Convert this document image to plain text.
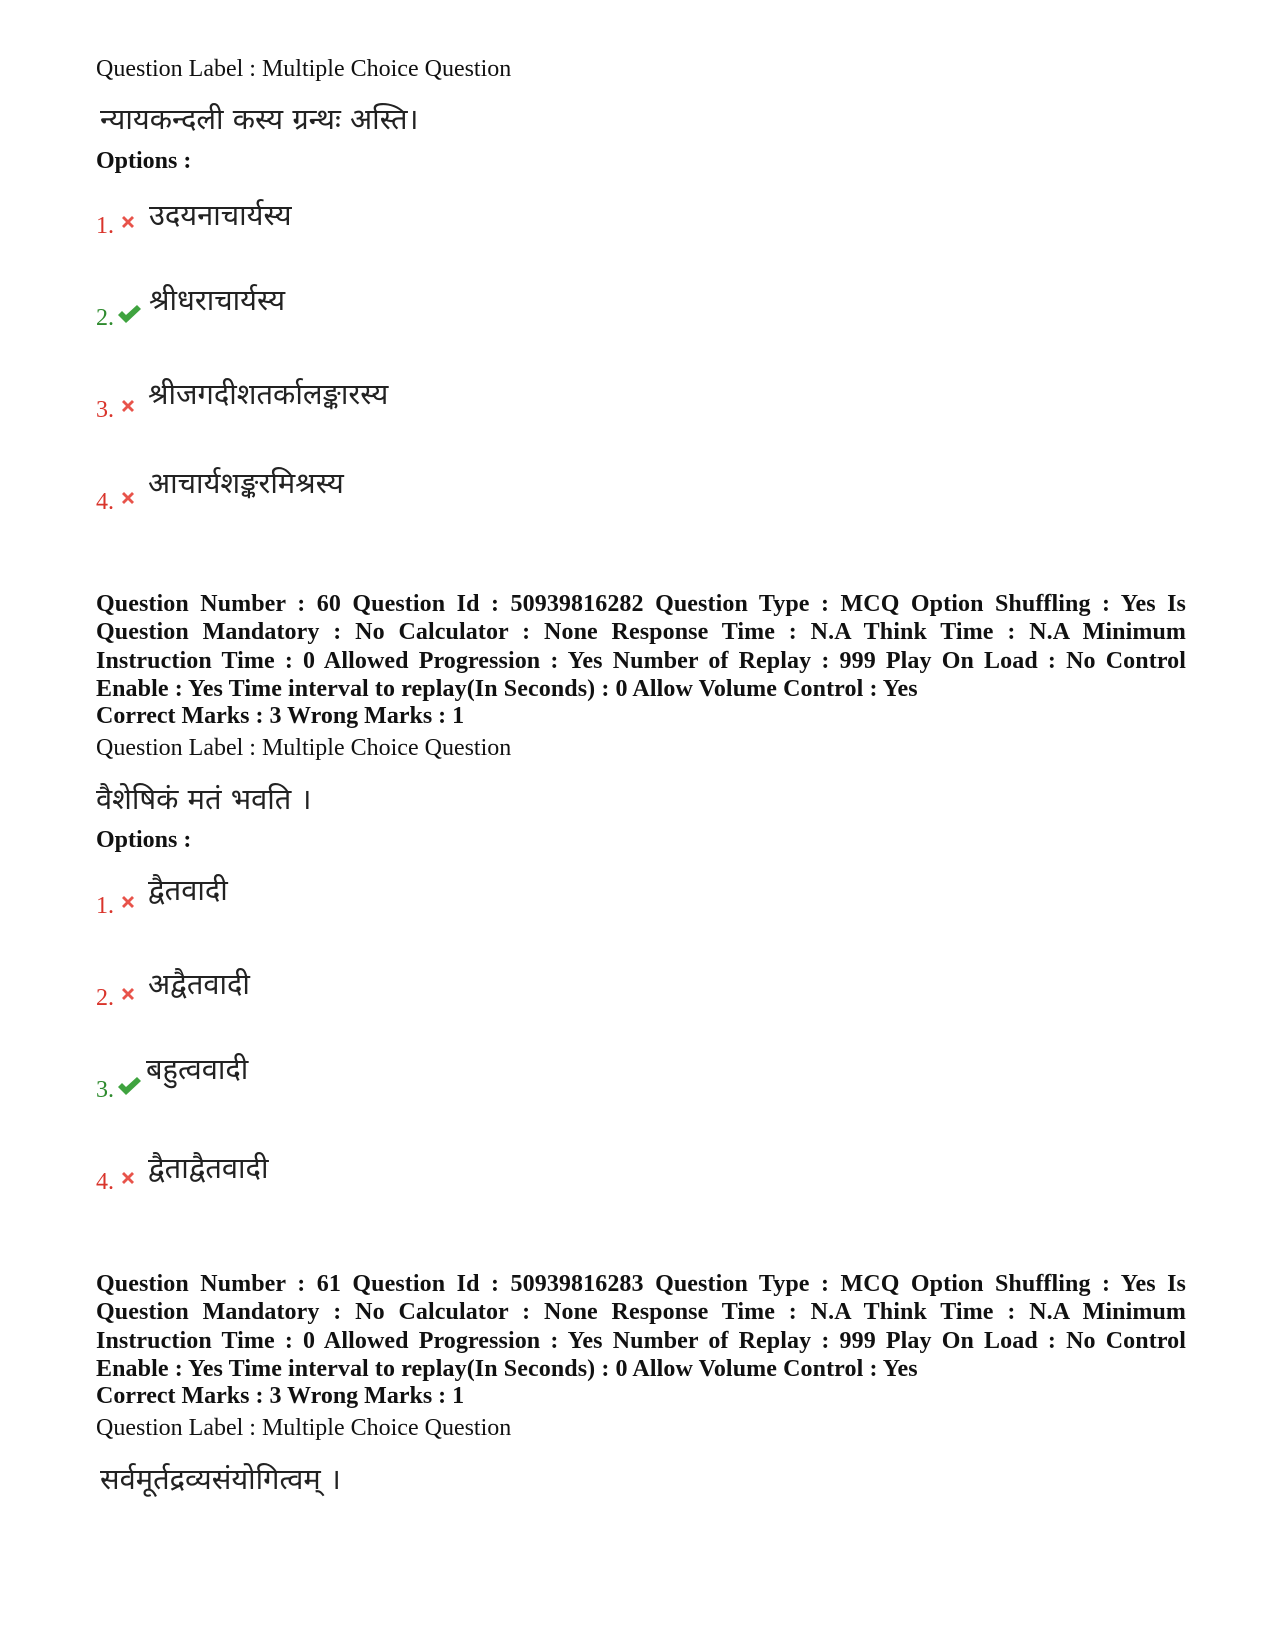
Question Label : Multiple Choice Question
न्यायकन्दली कस्य ग्रन्थः अस्ति।
Options :
1. उदयनाचार्यस्य
2.
श्रीधराचार्यस्य
3. श्रीजगदीशतर्कालङ्कारस्य
4.
आचार्यशङ्करमिश्रस्य
Question Number : 60 Question Id : 50939816282 Question Type : MCQ Option Shuffling : Yes Is Question Mandatory : No Calculator : None Response Time : N.A Think Time : N.A Minimum Instruction Time : 0 Allowed Progression : Yes Number of Replay : 999 Play On Load : No Control Enable : Yes Time interval to replay(In Seconds) : 0 Allow Volume Control : Yes
Correct Marks : 3 Wrong Marks : 1
Question Label : Multiple Choice Question
वैशेषिकं मतं भवति ।
Options :
1. द्वैतवादी
2. अद्वैतवादी
3.
बहुत्ववादी
4. द्वैताद्वैतवादी
Question Number : 61 Question Id : 50939816283 Question Type : MCQ Option Shuffling : Yes Is Question Mandatory : No Calculator : None Response Time : N.A Think Time : N.A Minimum Instruction Time : 0 Allowed Progression : Yes Number of Replay : 999 Play On Load : No Control Enable : Yes Time interval to replay(In Seconds) : 0 Allow Volume Control : Yes
Correct Marks : 3 Wrong Marks : 1
Question Label : Multiple Choice Question
सर्वमूर्तद्रव्यसंयोगित्वम् ।
